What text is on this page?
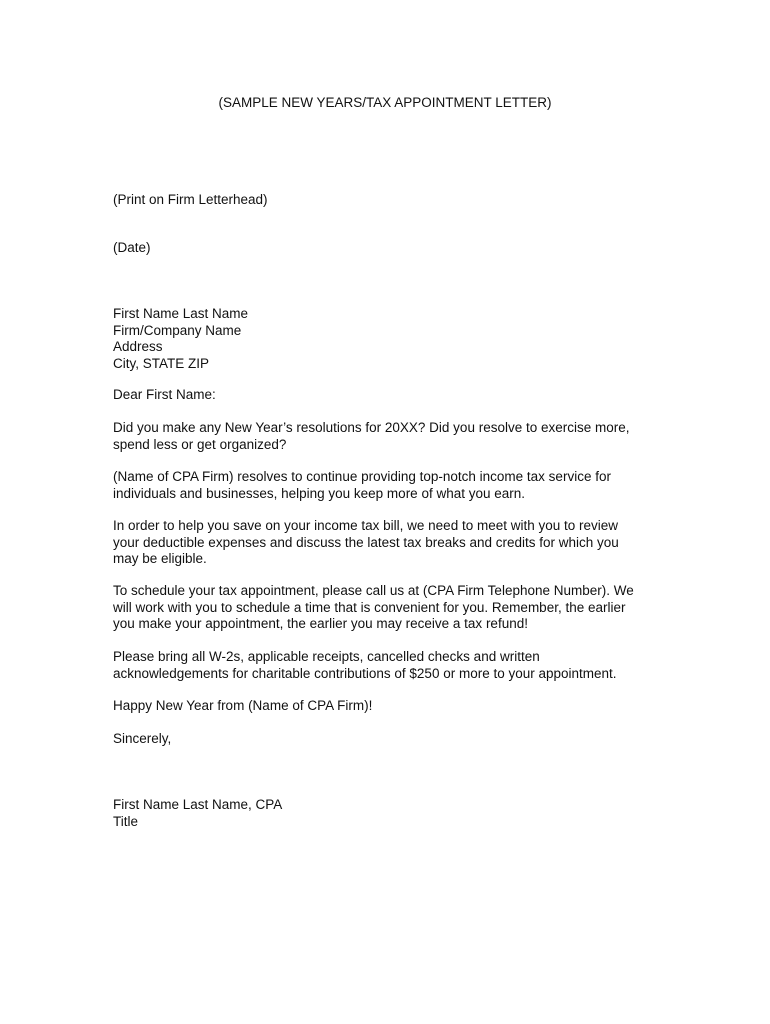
(SAMPLE NEW YEARS/TAX APPOINTMENT LETTER)

(Print on Firm Letterhead)

(Date)

First Name Last Name
Firm/Company Name
Address
City, STATE ZIP

Dear First Name:

Did you make any New Year’s resolutions for 20XX? Did you resolve to exercise more,
spend less or get organized?
(Name of CPA Firm) resolves to continue providing top-notch income tax service for
individuals and businesses, helping you keep more of what you earn.
In order to help you save on your income tax bill, we need to meet with you to review
your deductible expenses and discuss the latest tax breaks and credits for which you
may be eligible.
To schedule your tax appointment, please call us at (CPA Firm Telephone Number). We
will work with you to schedule a time that is convenient for you. Remember, the earlier
you make your appointment, the earlier you may receive a tax refund!
Please bring all W-2s, applicable receipts, cancelled checks and written
acknowledgements for charitable contributions of $250 or more to your appointment.
Happy New Year from (Name of CPA Firm)!

Sincerely,

First Name Last Name, CPA
Title
